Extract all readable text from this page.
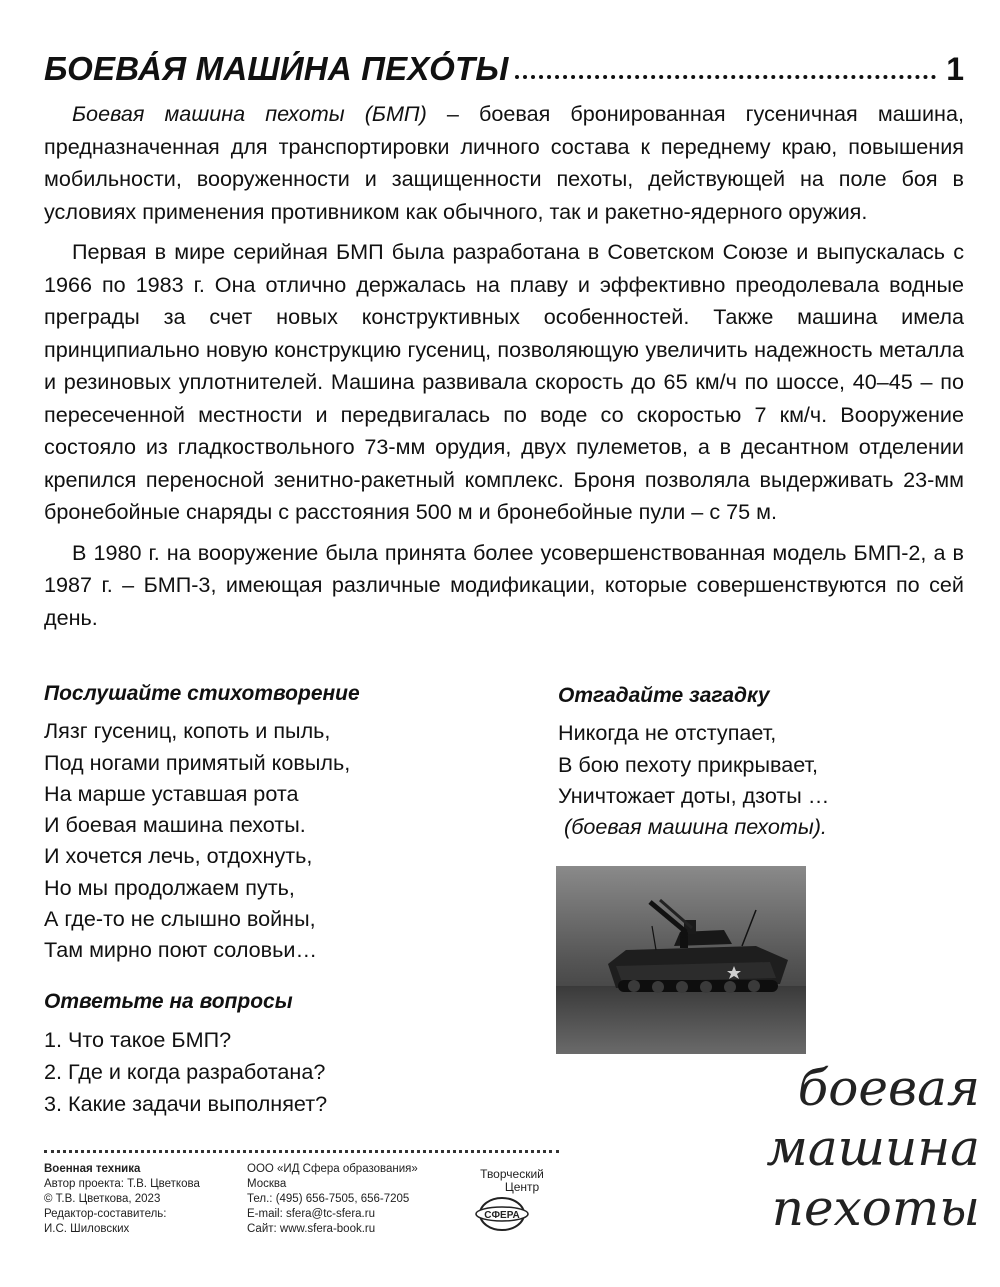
БОЕВА́Я МАШИ́НА ПЕХО́ТЫ	1

Боевая машина пехоты (БМП) – боевая бронированная гусеничная машина, предназначенная для транспортировки личного состава к переднему краю, повышения мобильности, вооруженности и защищенности пехоты, действующей на поле боя в условиях применения противником как обычного, так и ракетно-ядерного оружия.

Первая в мире серийная БМП была разработана в Советском Союзе и выпускалась с 1966 по 1983 г. Она отлично держалась на плаву и эффективно преодолевала водные преграды за счет новых конструктивных особенностей. Также машина имела принципиально новую конструкцию гусениц, позволяющую увеличить надежность металла и резиновых уплотнителей. Машина развивала скорость до 65 км/ч по шоссе, 40–45 – по пересеченной местности и передвигалась по воде со скоростью 7 км/ч. Вооружение состояло из гладкоствольного 73-мм орудия, двух пулеметов, а в десантном отделении крепился переносной зенитно-ракетный комплекс. Броня позволяла выдерживать 23-мм бронебойные снаряды с расстояния 500 м и бронебойные пули – с 75 м.

В 1980 г. на вооружение была принята более усовершенствованная модель БМП-2, а в 1987 г. – БМП-3, имеющая различные модификации, которые совершенствуются по сей день.

Послушайте стихотворение
Лязг гусениц, копоть и пыль,
Под ногами примятый ковыль,
На марше уставшая рота
И боевая машина пехоты.
И хочется лечь, отдохнуть,
Но мы продолжаем путь,
А где-то не слышно войны,
Там мирно поют соловьи…
Ответьте на вопросы
1. Что такое БМП?
2. Где и когда разработана?
3. Какие задачи выполняет?
Отгадайте загадку
Никогда не отступает,
В бою пехоту прикрывает,
Уничтожает доты, дзоты …
(боевая машина пехоты).
боевая
машина
пехоты
Военная техника
Автор проекта: Т.В. Цветкова
© Т.В. Цветкова, 2023
Редактор-составитель:
И.С. Шиловских
ООО «ИД Сфера образования»
Москва
Тел.: (495) 656-7505, 656-7205
E-mail: sfera@tc-sfera.ru
Сайт: www.sfera-book.ru
Творческий
Центр
СФЕРА
